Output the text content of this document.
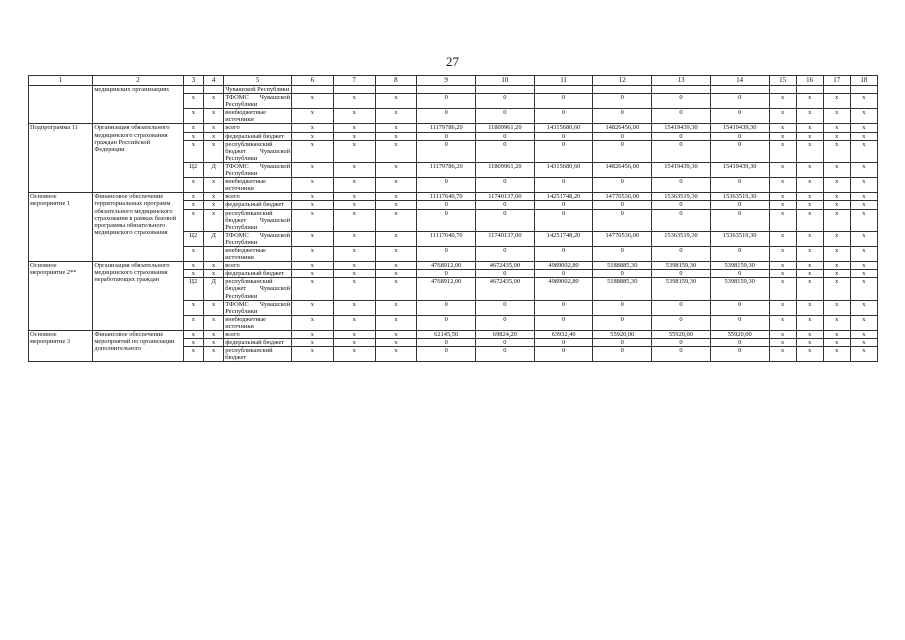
27
1	2	3	4	5	6	7	8	9	10	11	12	13	14	15	16	17	18
	медицинских организациях			Чувашской Республики													
		х	х	ТФОМС Чувашской Республики	х	х	х	0	0	0	0	0	0	х	х	х	х
		х	х	внебюджетные источники	х	х	х	0	0	0	0	0	0	х	х	х	х
Подпрограмма 11	Организация обязательного медицинского страхования граждан Российской Федерации	х	х	всего	х	х	х	11179786,20	11809961,20	14315680,60	14826456,00	15419439,30	15419439,30	х	х	х	х
		х	х	федеральный бюджет	х	х	х	0	0	0	0	0	0	х	х	х	х
		х	х	республиканский бюджет Чувашской Республики	х	х	х	0	0	0	0	0	0	х	х	х	х
		Ц2	Д	ТФОМС Чувашской Республики	х	х	х	11179786,20	11809961,20	14315680,60	14826456,00	15419439,30	15419439,30	х	х	х	х
		х	х	внебюджетные источники	х	х	х	0	0	0	0	0	0	х	х	х	х
Основное мероприятие 1	Финансовое обеспечение территориальных программ обязательного медицинского страхования в рамках базовой программы обязательного медицинского страхования	х	х	всего	х	х	х	11117640,70	11740137,00	14251748,20	14770536,00	15363519,30	15363519,30	х	х	х	х
		х	х	федеральный бюджет	х	х	х	0	0	0	0	0	0	х	х	х	х
		х	х	республиканский бюджет Чувашской Республики	х	х	х	0	0	0	0	0	0	х	х	х	х
		Ц2	Д	ТФОМС Чувашской Республики	х	х	х	11117640,70	11740137,00	14251748,20	14770536,00	15363519,30	15363519,30	х	х	х	х
		х		внебюджетные источники	х	х	х	0	0	0	0	0	0	х	х	х	х
Основное мероприятие 2**	Организация обязательного медицинского страхования неработающих граждан	х	х	всего	х	х	х	4768912,00	4672435,00	4989002,80	5188885,30	5398159,30	5398159,30	х	х	х	х
		х	х	федеральный бюджет	х	х	х	0	0	0	0	0	0	х	х	х	х
		Ц2	Д	республиканский бюджет Чувашской Республики	х	х	х	4768912,00	4672435,00	4989002,80	5188885,30	5398159,30	5398159,30	х	х	х	х
		х	х	ТФОМС Чувашской Республики	х	х	х	0	0	0	0	0	0	х	х	х	х
		х	х	внебюджетные источники	х	х	х	0	0	0	0	0	0	х	х	х	х
Основное мероприятие 3	Финансовое обеспечение мероприятий по организации дополнительного	х	х	всего	х	х	х	62145,50	69824,20	63932,40	55920,00	55920,00	55920,00	х	х	х	х
		х	х	федеральный бюджет	х	х	х	0	0	0	0	0	0	х	х	х	х
		х	х	республиканский бюджет	х	х	х	0	0	0	0	0	0	х	х	х	х
